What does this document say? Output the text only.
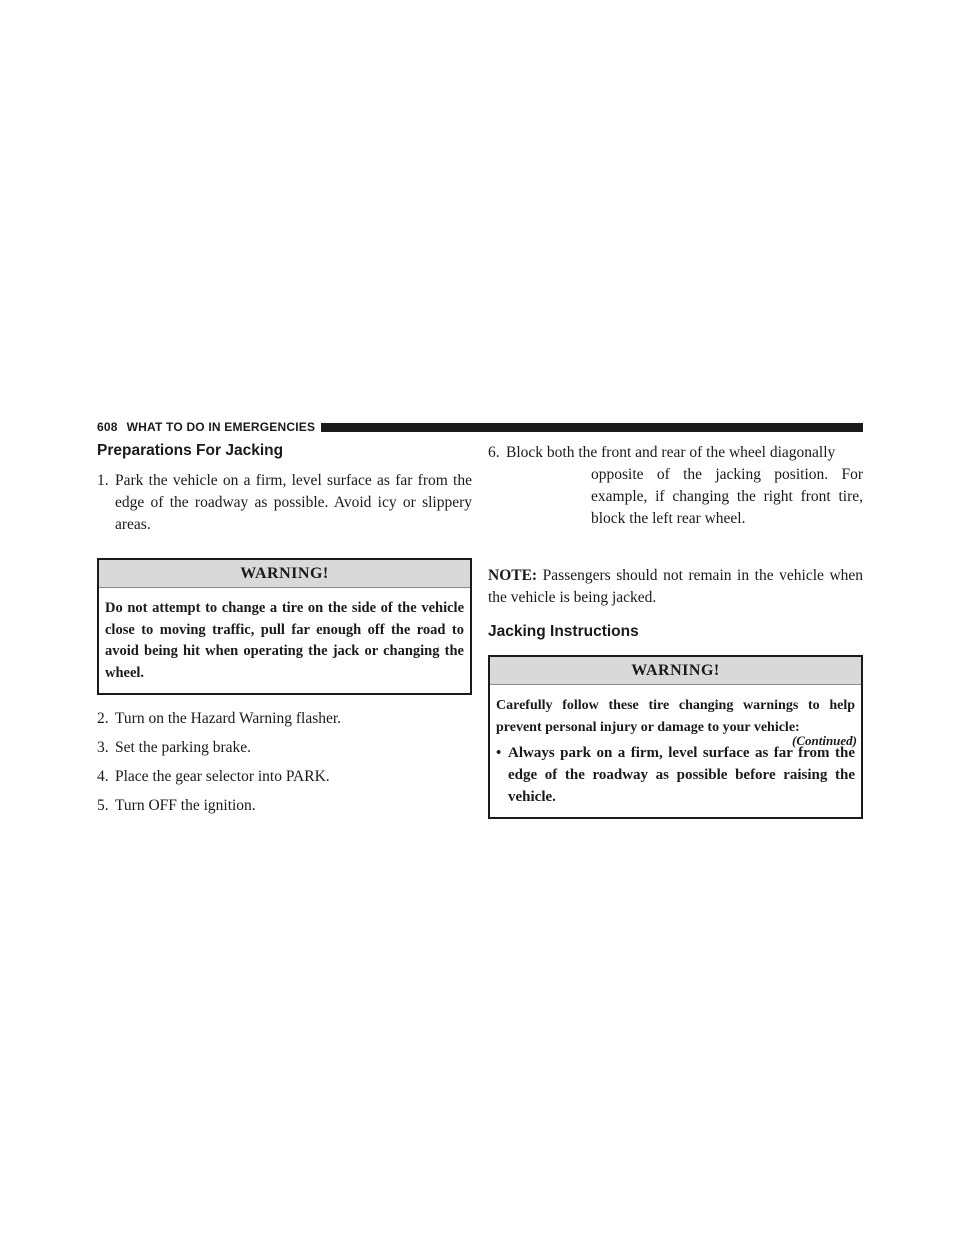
608 WHAT TO DO IN EMERGENCIES
Preparations For Jacking
1. Park the vehicle on a firm, level surface as far from the edge of the roadway as possible. Avoid icy or slippery areas.
WARNING!
Do not attempt to change a tire on the side of the vehicle close to moving traffic, pull far enough off the road to avoid being hit when operating the jack or changing the wheel.
2. Turn on the Hazard Warning flasher.
3. Set the parking brake.
4. Place the gear selector into PARK.
5. Turn OFF the ignition.
6. Block both the front and rear of the wheel diagonally
opposite of the jacking position. For example, if changing the right front tire, block the left rear wheel.

NOTE: Passengers should not remain in the vehicle when the vehicle is being jacked.

Jacking Instructions
WARNING!
Carefully follow these tire changing warnings to help prevent personal injury or damage to your vehicle:
• Always park on a firm, level surface as far from the edge of the roadway as possible before raising the vehicle.
(Continued)
